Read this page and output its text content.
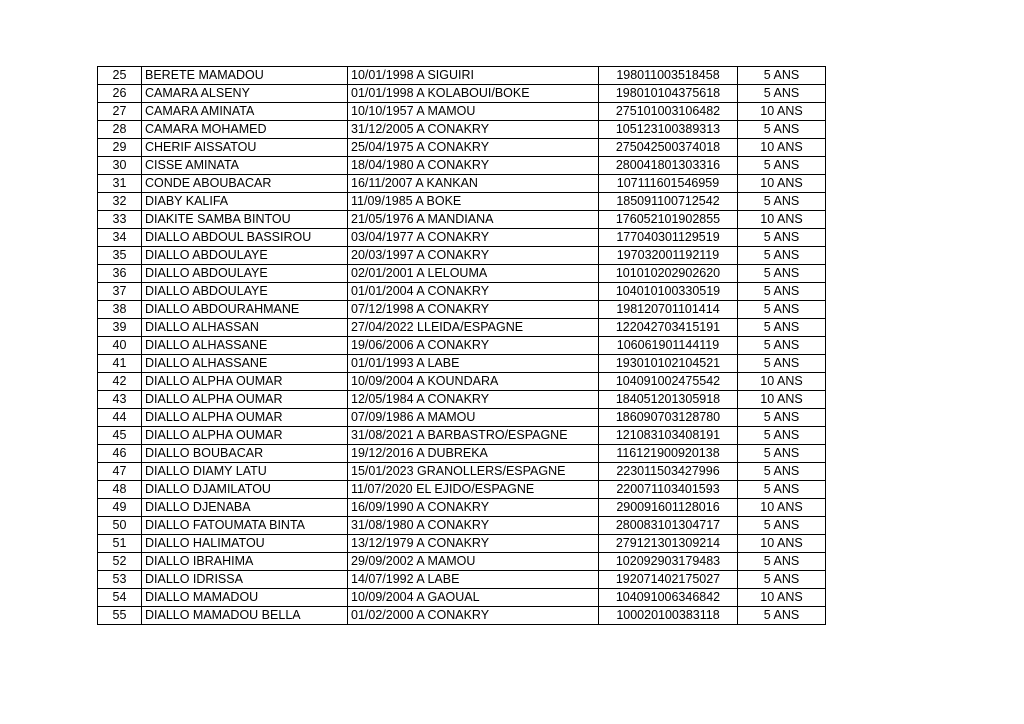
25	BERETE MAMADOU	10/01/1998 A SIGUIRI	198011003518458	5 ANS
26	CAMARA ALSENY	01/01/1998 A KOLABOUI/BOKE	198010104375618	5 ANS
27	CAMARA AMINATA	10/10/1957 A MAMOU	275101003106482	10 ANS
28	CAMARA MOHAMED	31/12/2005 A CONAKRY	105123100389313	5 ANS
29	CHERIF AISSATOU	25/04/1975 A CONAKRY	275042500374018	10 ANS
30	CISSE AMINATA	18/04/1980 A CONAKRY	280041801303316	5 ANS
31	CONDE ABOUBACAR	16/11/2007 A KANKAN	107111601546959	10 ANS
32	DIABY KALIFA	11/09/1985 A BOKE	185091100712542	5 ANS
33	DIAKITE SAMBA BINTOU	21/05/1976 A MANDIANA	176052101902855	10 ANS
34	DIALLO ABDOUL BASSIROU	03/04/1977 A CONAKRY	177040301129519	5 ANS
35	DIALLO ABDOULAYE	20/03/1997 A CONAKRY	197032001192119	5 ANS
36	DIALLO ABDOULAYE	02/01/2001 A LELOUMA	101010202902620	5 ANS
37	DIALLO ABDOULAYE	01/01/2004 A CONAKRY	104010100330519	5 ANS
38	DIALLO ABDOURAHMANE	07/12/1998 A CONAKRY	198120701101414	5 ANS
39	DIALLO ALHASSAN	27/04/2022 LLEIDA/ESPAGNE	122042703415191	5 ANS
40	DIALLO ALHASSANE	19/06/2006 A CONAKRY	106061901144119	5 ANS
41	DIALLO ALHASSANE	01/01/1993 A LABE	193010102104521	5 ANS
42	DIALLO ALPHA OUMAR	10/09/2004 A KOUNDARA	104091002475542	10 ANS
43	DIALLO ALPHA OUMAR	12/05/1984 A CONAKRY	184051201305918	10 ANS
44	DIALLO ALPHA OUMAR	07/09/1986 A MAMOU	186090703128780	5 ANS
45	DIALLO ALPHA OUMAR	31/08/2021 A BARBASTRO/ESPAGNE	121083103408191	5 ANS
46	DIALLO BOUBACAR	19/12/2016 A DUBREKA	116121900920138	5 ANS
47	DIALLO DIAMY LATU	15/01/2023 GRANOLLERS/ESPAGNE	223011503427996	5 ANS
48	DIALLO DJAMILATOU	11/07/2020 EL EJIDO/ESPAGNE	220071103401593	5 ANS
49	DIALLO DJENABA	16/09/1990 A CONAKRY	290091601128016	10 ANS
50	DIALLO FATOUMATA BINTA	31/08/1980 A CONAKRY	280083101304717	5 ANS
51	DIALLO HALIMATOU	13/12/1979 A CONAKRY	279121301309214	10 ANS
52	DIALLO IBRAHIMA	29/09/2002 A MAMOU	102092903179483	5 ANS
53	DIALLO IDRISSA	14/07/1992 A LABE	192071402175027	5 ANS
54	DIALLO MAMADOU	10/09/2004 A GAOUAL	104091006346842	10 ANS
55	DIALLO MAMADOU BELLA	01/02/2000 A CONAKRY	100020100383118	5 ANS
